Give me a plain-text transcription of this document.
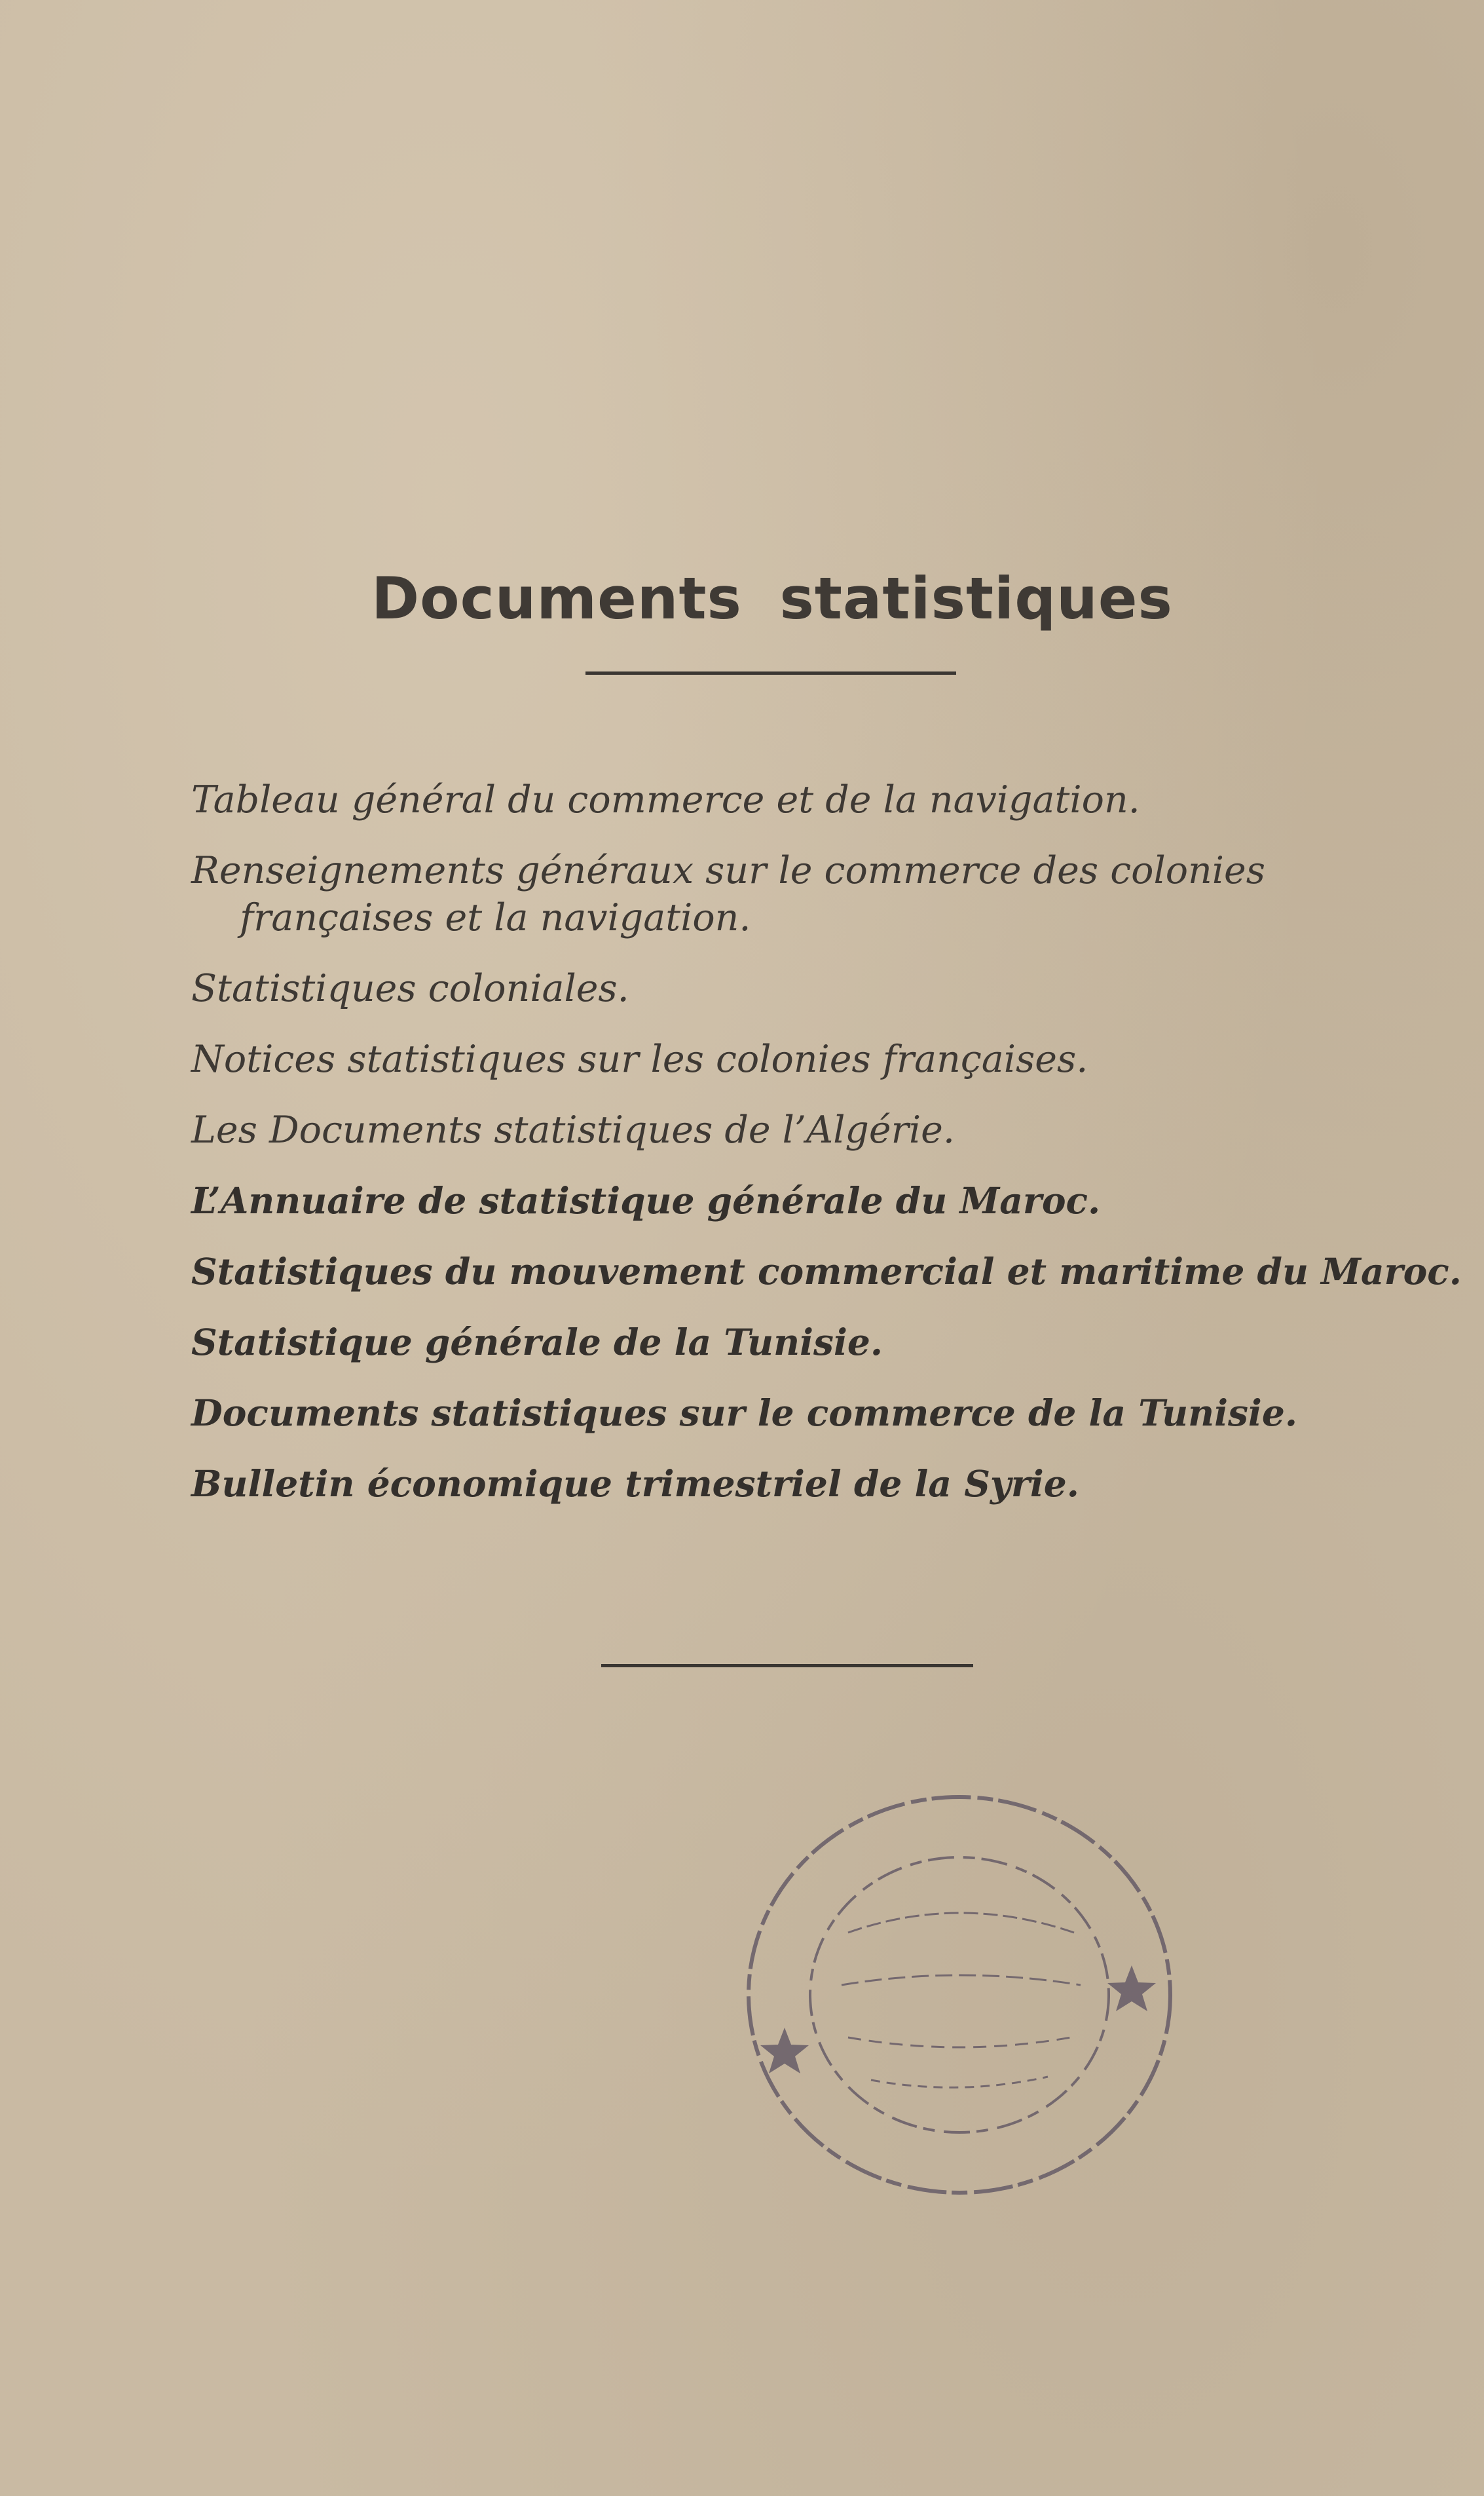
Documents statistiques
Tableau général du commerce et de la navigation.
Renseignements généraux sur le commerce des colonies françaises et la navigation.
Statistiques coloniales.
Notices statistiques sur les colonies françaises.
Les Documents statistiques de l’Algérie.
L’Annuaire de statistique générale du Maroc.
Statistiques du mouvement commercial et maritime du Maroc.
Statistique générale de la Tunisie.
Documents statistiques sur le commerce de la Tunisie.
Bulletin économique trimestriel de la Syrie.
